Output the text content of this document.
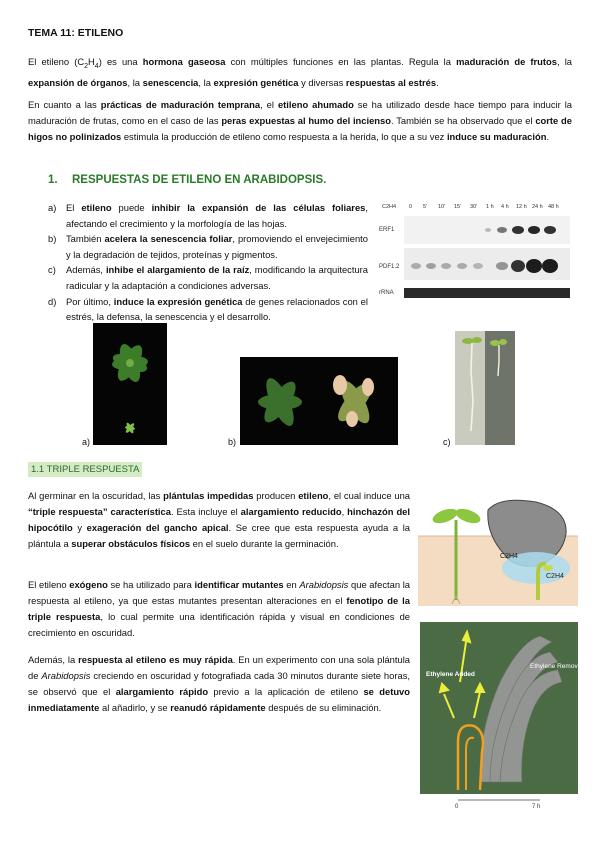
TEMA 11: ETILENO
El etileno $(C_2H_4)$ es una hormona gaseosa con múltiples funciones en las plantas. Regula la maduración de frutos, la expansión de órganos, la senescencia, la expresión genética y diversas respuestas al estrés.
En cuanto a las prácticas de maduración temprana, el etileno ahumado se ha utilizado desde hace tiempo para inducir la maduración de frutas, como en el caso de las peras expuestas al humo del incienso. También se ha observado que el corte de higos no polinizados estimula la producción de etileno como respuesta a la herida, lo que a su vez induce su maduración.
1. RESPUESTAS DE ETILENO EN ARABIDOPSIS.
a) El etileno puede inhibir la expansión de las células foliares, afectando el crecimiento y la morfología de las hojas.
b) También acelera la senescencia foliar, promoviendo el envejecimiento y la degradación de tejidos, proteínas y pigmentos.
c) Además, inhibe el alargamiento de la raíz, modificando la arquitectura radicular y la adaptación a condiciones adversas.
d) Por último, induce la expresión genética de genes relacionados con el estrés, la defensa, la senescencia y el desarrollo.
C2H4 0 5' 10' 15' 30' 1 h 4 h 12 h 24 h 48 h
ERF1
PDF1.2
rRNA
a)	b)	c)
1.1 TRIPLE RESPUESTA
Al germinar en la oscuridad, las plántulas impedidas producen etileno, el cual induce una “triple respuesta” característica. Esta incluye el alargamiento reducido, hinchazón del hipocótilo y exageración del gancho apical. Se cree que esta respuesta ayuda a la plántula a superar obstáculos físicos en el suelo durante la germinación.
El etileno exógeno se ha utilizado para identificar mutantes en Arabidopsis que afectan la respuesta al etileno, ya que estas mutantes presentan alteraciones en el fenotipo de la triple respuesta, lo cual permite una identificación rápida y visual en condiciones de crecimiento en oscuridad.
Además, la respuesta al etileno es muy rápida. En un experimento con una sola plántula de Arabidopsis creciendo en oscuridad y fotografiada cada 30 minutos durante siete horas, se observó que el alargamiento rápido previo a la aplicación de etileno se detuvo inmediatamente al añadirlo, y se reanudó rápidamente después de su eliminación.
C2H4
C2H4
Ethylene Added
Ethylene Removed
0	7 h
